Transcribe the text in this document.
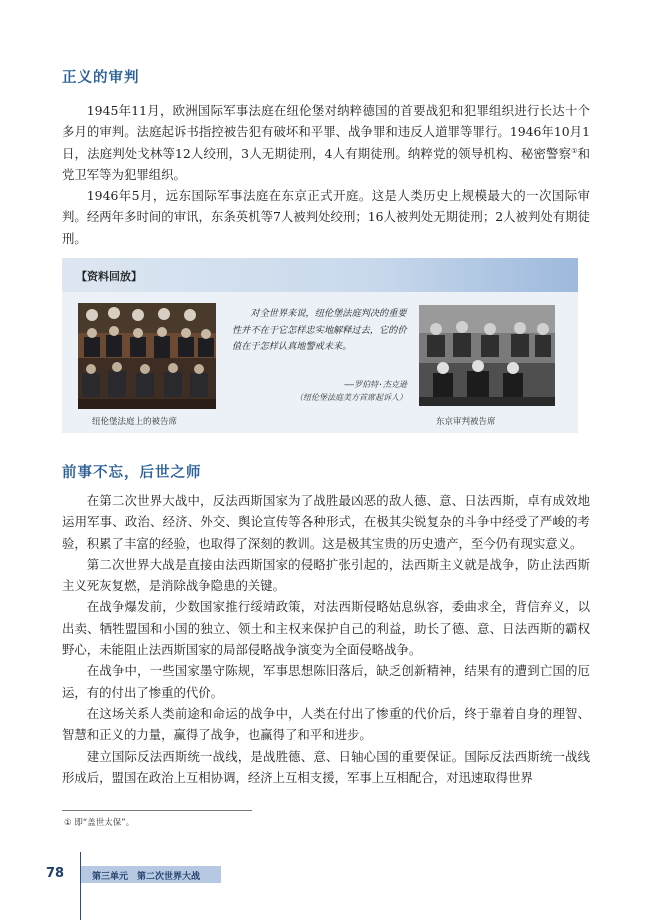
正义的审判

1945年11月，欧洲国际军事法庭在纽伦堡对纳粹德国的首要战犯和犯罪组织进行长达十个多月的审判。法庭起诉书指控被告犯有破坏和平罪、战争罪和违反人道罪等罪行。1946年10月1日，法庭判处戈林等12人绞刑，3人无期徒刑，4人有期徒刑。纳粹党的领导机构、秘密警察①和党卫军等为犯罪组织。

1946年5月，远东国际军事法庭在东京正式开庭。这是人类历史上规模最大的一次国际审判。经两年多时间的审讯，东条英机等7人被判处绞刑；16人被判处无期徒刑；2人被判处有期徒刑。

【资料回放】

对全世界来说，纽伦堡法庭判决的重要性并不在于它怎样忠实地解释过去，它的价值在于怎样认真地警戒未来。

——罗伯特·杰克逊
（纽伦堡法庭美方首席起诉人）
纽伦堡法庭上的被告席	东京审判被告席
前事不忘，后世之师

在第二次世界大战中，反法西斯国家为了战胜最凶恶的敌人德、意、日法西斯，卓有成效地运用军事、政治、经济、外交、舆论宣传等各种形式，在极其尖锐复杂的斗争中经受了严峻的考验，积累了丰富的经验，也取得了深刻的教训。这是极其宝贵的历史遗产，至今仍有现实意义。

第二次世界大战是直接由法西斯国家的侵略扩张引起的，法西斯主义就是战争，防止法西斯主义死灰复燃，是消除战争隐患的关键。

在战争爆发前，少数国家推行绥靖政策，对法西斯侵略姑息纵容，委曲求全，背信弃义，以出卖、牺牲盟国和小国的独立、领土和主权来保护自己的利益，助长了德、意、日法西斯的霸权野心，未能阻止法西斯国家的局部侵略战争演变为全面侵略战争。

在战争中，一些国家墨守陈规，军事思想陈旧落后，缺乏创新精神，结果有的遭到亡国的厄运，有的付出了惨重的代价。

在这场关系人类前途和命运的战争中，人类在付出了惨重的代价后，终于靠着自身的理智、智慧和正义的力量，赢得了战争，也赢得了和平和进步。

建立国际反法西斯统一战线，是战胜德、意、日轴心国的重要保证。国际反法西斯统一战线形成后，盟国在政治上互相协调，经济上互相支援，军事上互相配合，对迅速取得世界

① 即“盖世太保”。
78	第三单元　第二次世界大战
